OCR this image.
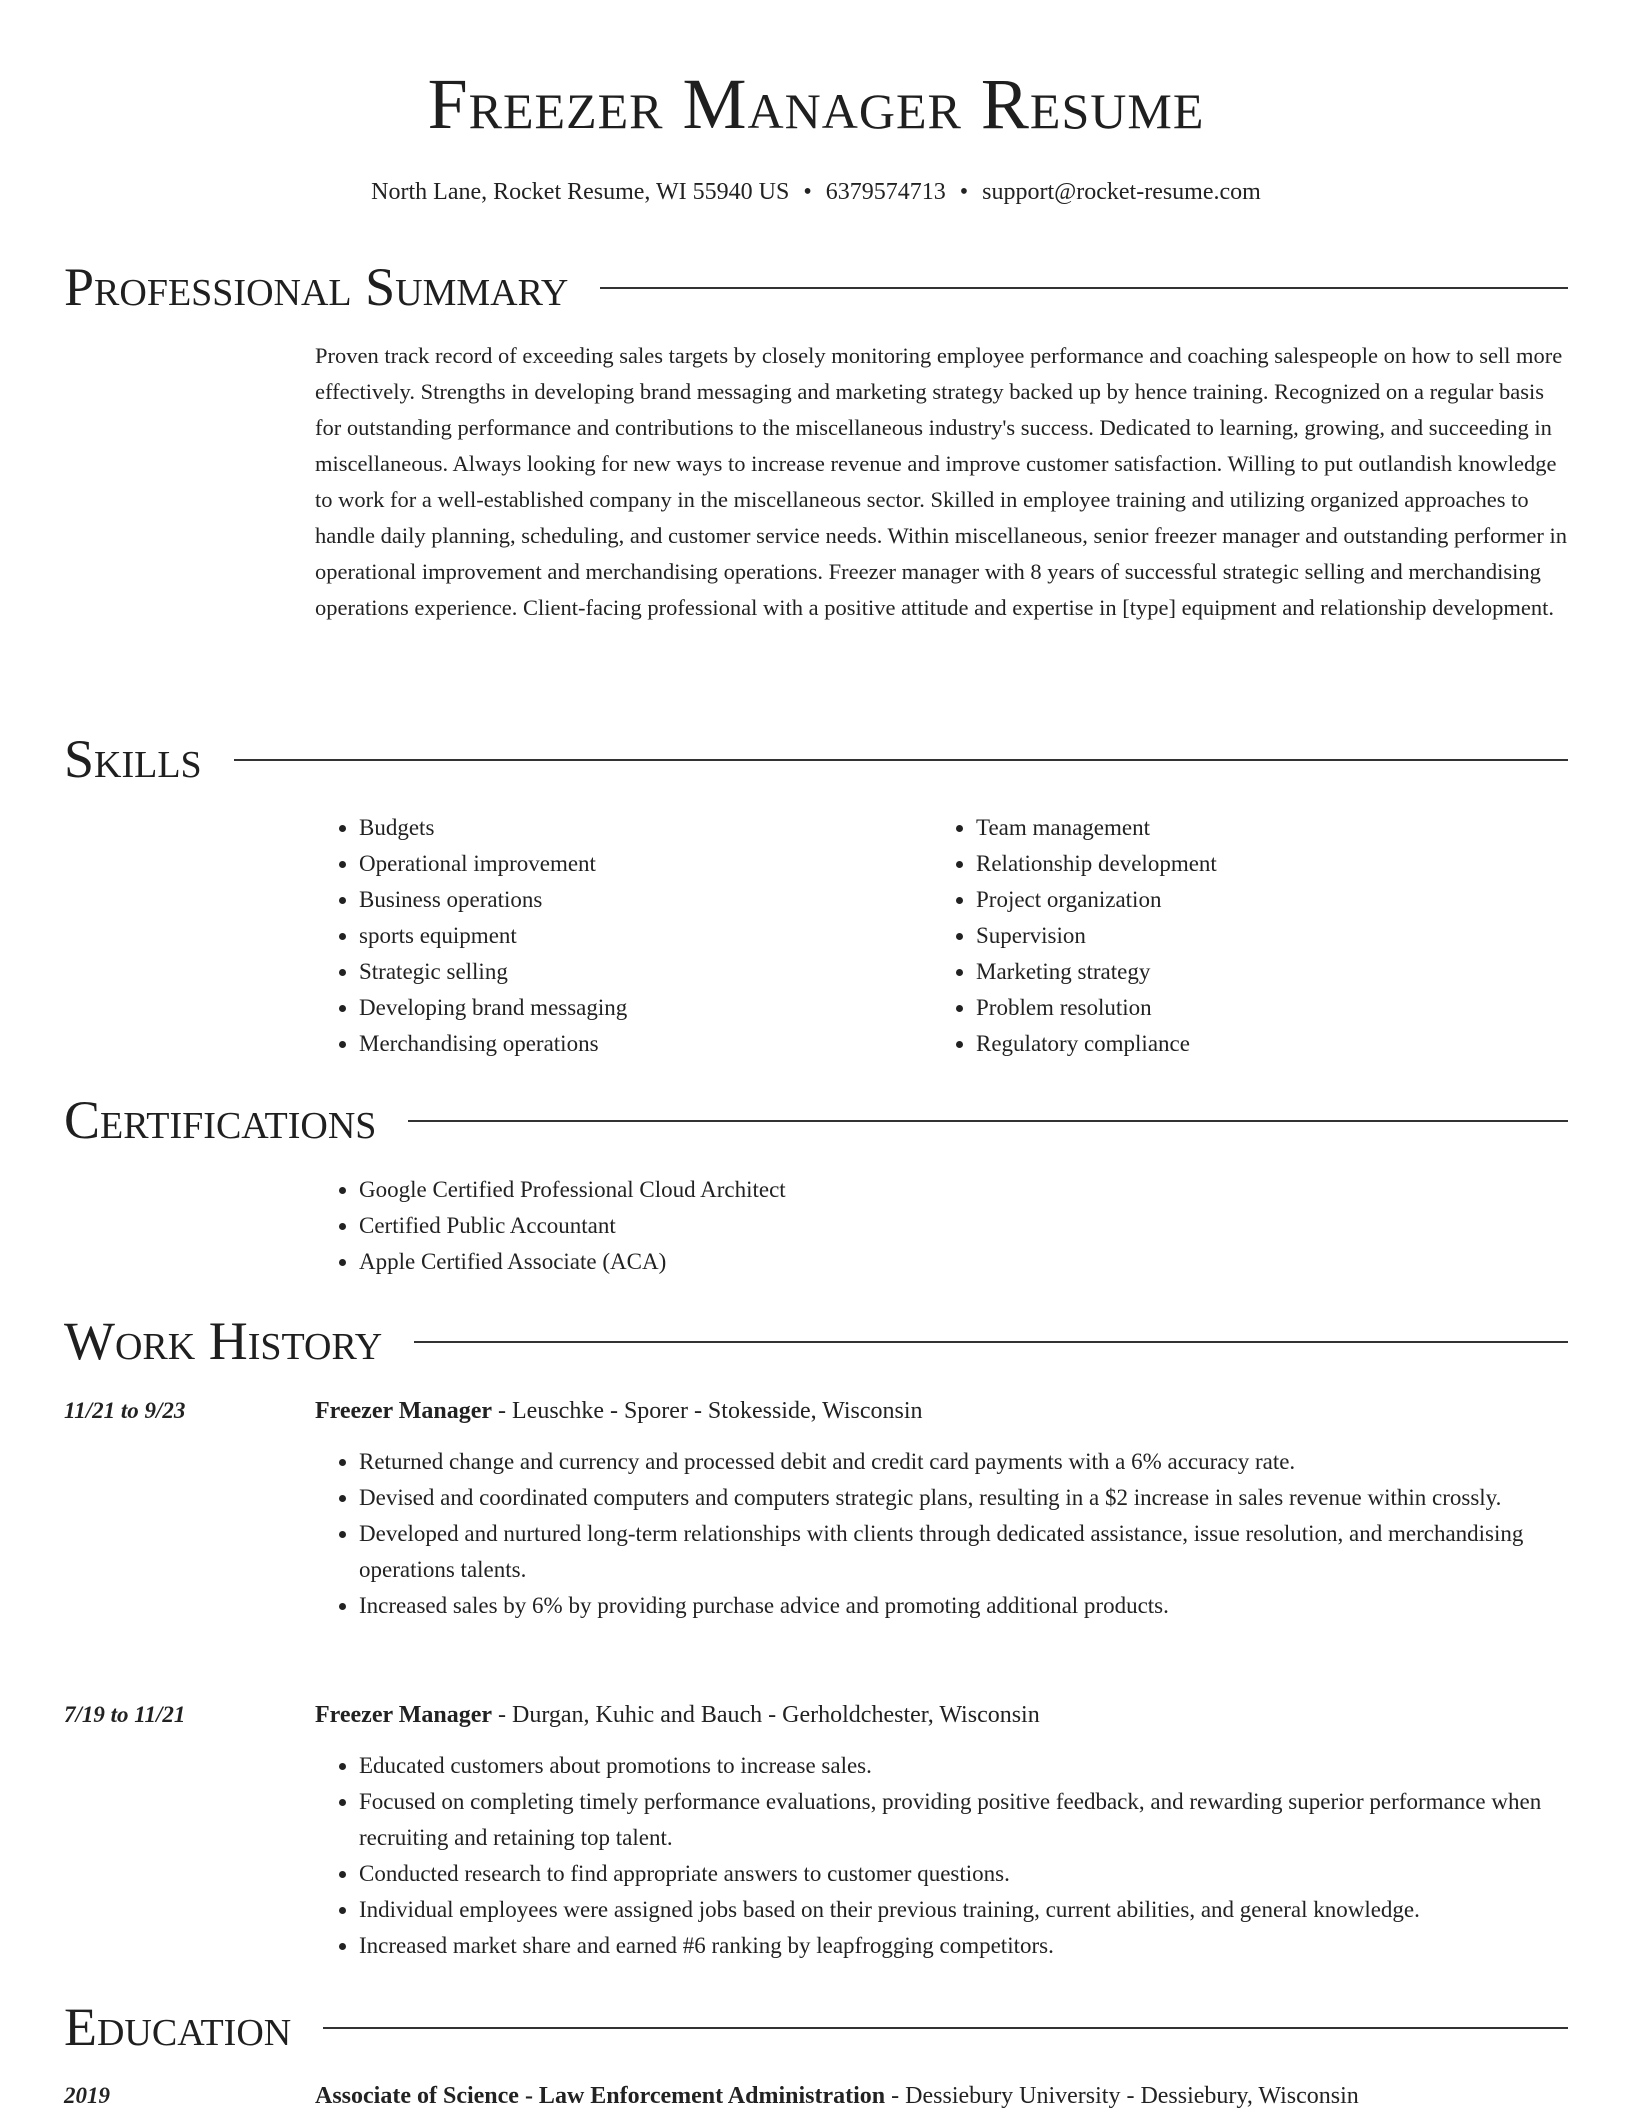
Freezer Manager Resume
North Lane, Rocket Resume, WI 55940 US • 6379574713 • support@rocket-resume.com
Professional Summary

Proven track record of exceeding sales targets by closely monitoring employee performance and coaching salespeople on how to sell more effectively. Strengths in developing brand messaging and marketing strategy backed up by hence training. Recognized on a regular basis for outstanding performance and contributions to the miscellaneous industry's success. Dedicated to learning, growing, and succeeding in miscellaneous. Always looking for new ways to increase revenue and improve customer satisfaction. Willing to put outlandish knowledge to work for a well-established company in the miscellaneous sector. Skilled in employee training and utilizing organized approaches to handle daily planning, scheduling, and customer service needs. Within miscellaneous, senior freezer manager and outstanding performer in operational improvement and merchandising operations. Freezer manager with 8 years of successful strategic selling and merchandising operations experience. Client-facing professional with a positive attitude and expertise in [type] equipment and relationship development.

Skills
• Budgets
• Operational improvement
• Business operations
• sports equipment
• Strategic selling
• Developing brand messaging
• Merchandising operations
• Team management
• Relationship development
• Project organization
• Supervision
• Marketing strategy
• Problem resolution
• Regulatory compliance
Certifications
• Google Certified Professional Cloud Architect
• Certified Public Accountant
• Apple Certified Associate (ACA)
Work History
11/21 to 9/23	Freezer Manager - Leuschke - Sporer - Stokesside, Wisconsin
• Returned change and currency and processed debit and credit card payments with a 6% accuracy rate.
• Devised and coordinated computers and computers strategic plans, resulting in a $2 increase in sales revenue within crossly.
• Developed and nurtured long-term relationships with clients through dedicated assistance, issue resolution, and merchandising operations talents.
• Increased sales by 6% by providing purchase advice and promoting additional products.
7/19 to 11/21	Freezer Manager - Durgan, Kuhic and Bauch - Gerholdchester, Wisconsin
• Educated customers about promotions to increase sales.
• Focused on completing timely performance evaluations, providing positive feedback, and rewarding superior performance when recruiting and retaining top talent.
• Conducted research to find appropriate answers to customer questions.
• Individual employees were assigned jobs based on their previous training, current abilities, and general knowledge.
• Increased market share and earned #6 ranking by leapfrogging competitors.
Education
2019	Associate of Science - Law Enforcement Administration - Dessiebury University - Dessiebury, Wisconsin
